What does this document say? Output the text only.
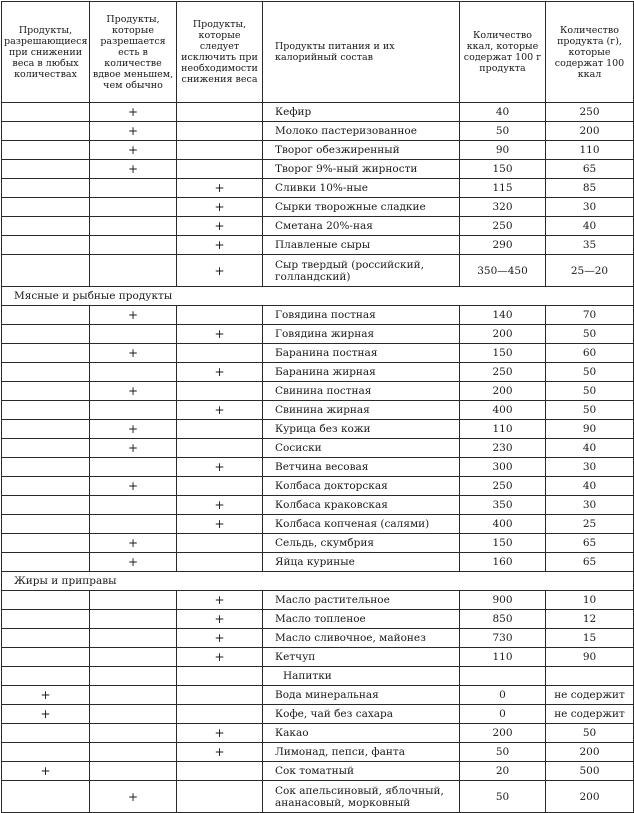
Продукты, разрешающиеся при снижении веса в любых количествах	Продукты, которые разрешается есть в количестве вдвое меньшем, чем обычно	Продукты, которые следует исключить при необходимости снижения веса	Продукты питания и их калорийный состав	Количество ккал, которые содержат 100 г продукта	Количество продукта (г), которые содержат 100 ккал
	+		Кефир	40	250
	+		Молоко пастеризованное	50	200
	+		Творог обезжиренный	90	110
	+		Творог 9%-ный жирности	150	65
		+	Сливки 10%-ные	115	85
		+	Сырки творожные сладкие	320	30
		+	Сметана 20%-ная	250	40
		+	Плавленые сыры	290	35
		+	Сыр твердый (российский, голландский)	350—450	25—20
Мясные и рыбные продукты					
	+		Говядина постная	140	70
		+	Говядина жирная	200	50
	+		Баранина постная	150	60
		+	Баранина жирная	250	50
	+		Свинина постная	200	50
		+	Свинина жирная	400	50
	+		Курица без кожи	110	90
	+		Сосиски	230	40
		+	Ветчина весовая	300	30
	+		Колбаса докторская	250	40
		+	Колбаса краковская	350	30
		+	Колбаса копченая (салями)	400	25
	+		Сельдь, скумбрия	150	65
	+		Яйца куриные	160	65
Жиры и приправы					
		+	Масло растительное	900	10
		+	Масло топленое	850	12
		+	Масло сливочное, майонез	730	15
		+	Кетчуп	110	90
			Напитки		
+			Вода минеральная	0	не содержит
+			Кофе, чай без сахара	0	не содержит
		+	Какао	200	50
		+	Лимонад, пепси, фанта	50	200
+			Сок томатный	20	500
	+		Сок апельсиновый, яблочный, ананасовый, морковный	50	200
